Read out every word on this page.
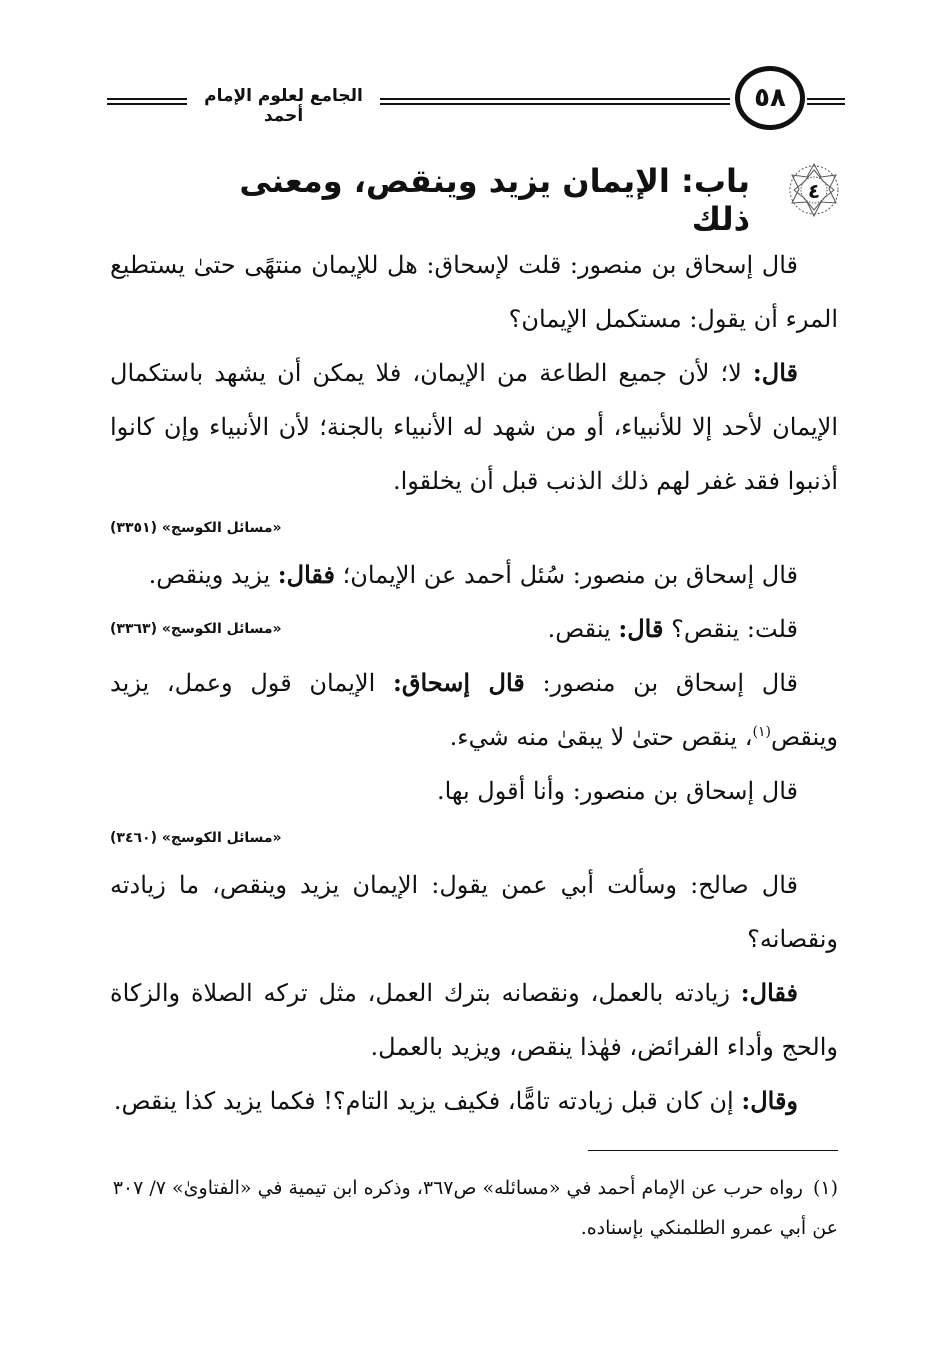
الجامع لعلوم الإمام أحمد
٥٨
باب: الإيمان يزيد وينقص، ومعنى ذلك
٤

قال إسحاق بن منصور: قلت لإسحاق: هل للإيمان منتهًى حتىٰ يستطيع المرء أن يقول: مستكمل الإيمان؟

قال: لا؛ لأن جميع الطاعة من الإيمان، فلا يمكن أن يشهد باستكمال الإيمان لأحد إلا للأنبياء، أو من شهد له الأنبياء بالجنة؛ لأن الأنبياء وإن كانوا أذنبوا فقد غفر لهم ذلك الذنب قبل أن يخلقوا.

«مسائل الكوسج» (٣٣٥١)

قال إسحاق بن منصور: سُئل أحمد عن الإيمان؛ فقال: يزيد وينقص.

قلت: ينقص؟ قال: ينقص.
«مسائل الكوسج» (٣٣٦٣)

قال إسحاق بن منصور: قال إسحاق: الإيمان قول وعمل، يزيد وينقص$^{(١)}$، ينقص حتىٰ لا يبقىٰ منه شيء.

قال إسحاق بن منصور: وأنا أقول بها.

«مسائل الكوسج» (٣٤٦٠)

قال صالح: وسألت أبي عمن يقول: الإيمان يزيد وينقص، ما زيادته ونقصانه؟

فقال: زيادته بالعمل، ونقصانه بترك العمل، مثل تركه الصلاة والزكاة والحج وأداء الفرائض، فهٰذا ينقص، ويزيد بالعمل.

وقال: إن كان قبل زيادته تامًّا، فكيف يزيد التام؟! فكما يزيد كذا ينقص.

(١)رواه حرب عن الإمام أحمد في «مسائله» ص٣٦٧، وذكره ابن تيمية في «الفتاوىٰ» ٧/ ٣٠٧ عن أبي عمرو الطلمنكي بإسناده.
